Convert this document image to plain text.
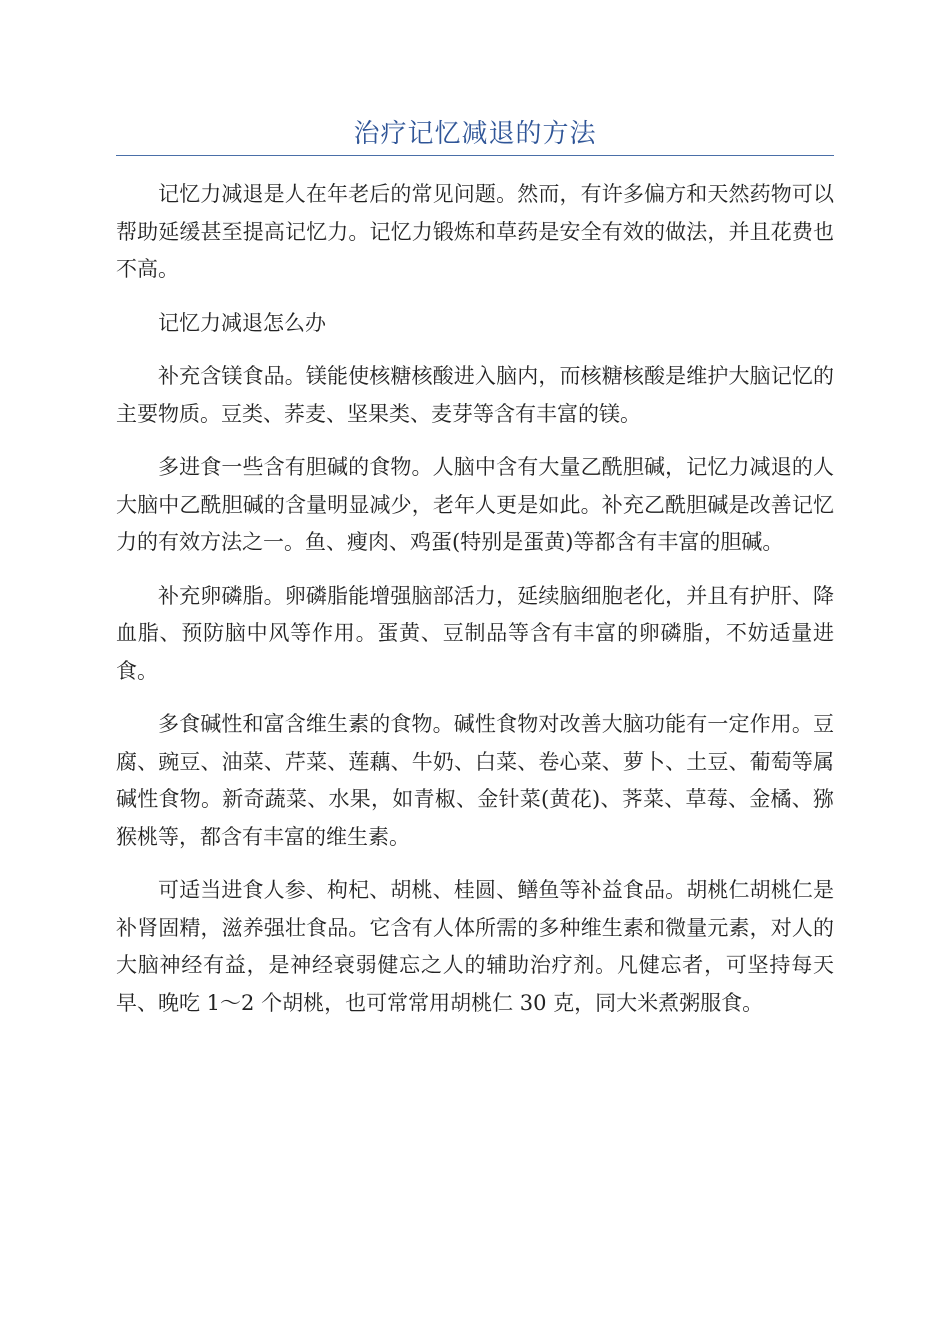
治疗记忆减退的方法

记忆力减退是人在年老后的常见问题。然而，有许多偏方和天然药物可以帮助延缓甚至提高记忆力。记忆力锻炼和草药是安全有效的做法，并且花费也不高。

记忆力减退怎么办

补充含镁食品。镁能使核糖核酸进入脑内，而核糖核酸是维护大脑记忆的主要物质。豆类、荞麦、坚果类、麦芽等含有丰富的镁。

多进食一些含有胆碱的食物。人脑中含有大量乙酰胆碱，记忆力减退的人大脑中乙酰胆碱的含量明显减少，老年人更是如此。补充乙酰胆碱是改善记忆力的有效方法之一。鱼、瘦肉、鸡蛋(特别是蛋黄)等都含有丰富的胆碱。

补充卵磷脂。卵磷脂能增强脑部活力，延续脑细胞老化，并且有护肝、降血脂、预防脑中风等作用。蛋黄、豆制品等含有丰富的卵磷脂，不妨适量进食。

多食碱性和富含维生素的食物。碱性食物对改善大脑功能有一定作用。豆腐、豌豆、油菜、芹菜、莲藕、牛奶、白菜、卷心菜、萝卜、土豆、葡萄等属碱性食物。新奇蔬菜、水果，如青椒、金针菜(黄花)、荠菜、草莓、金橘、猕猴桃等，都含有丰富的维生素。

可适当进食人参、枸杞、胡桃、桂圆、鳝鱼等补益食品。胡桃仁胡桃仁是补肾固精，滋养强壮食品。它含有人体所需的多种维生素和微量元素，对人的大脑神经有益，是神经衰弱健忘之人的辅助治疗剂。凡健忘者，可坚持每天早、晚吃 1～2 个胡桃，也可常常用胡桃仁 30 克，同大米煮粥服食。
